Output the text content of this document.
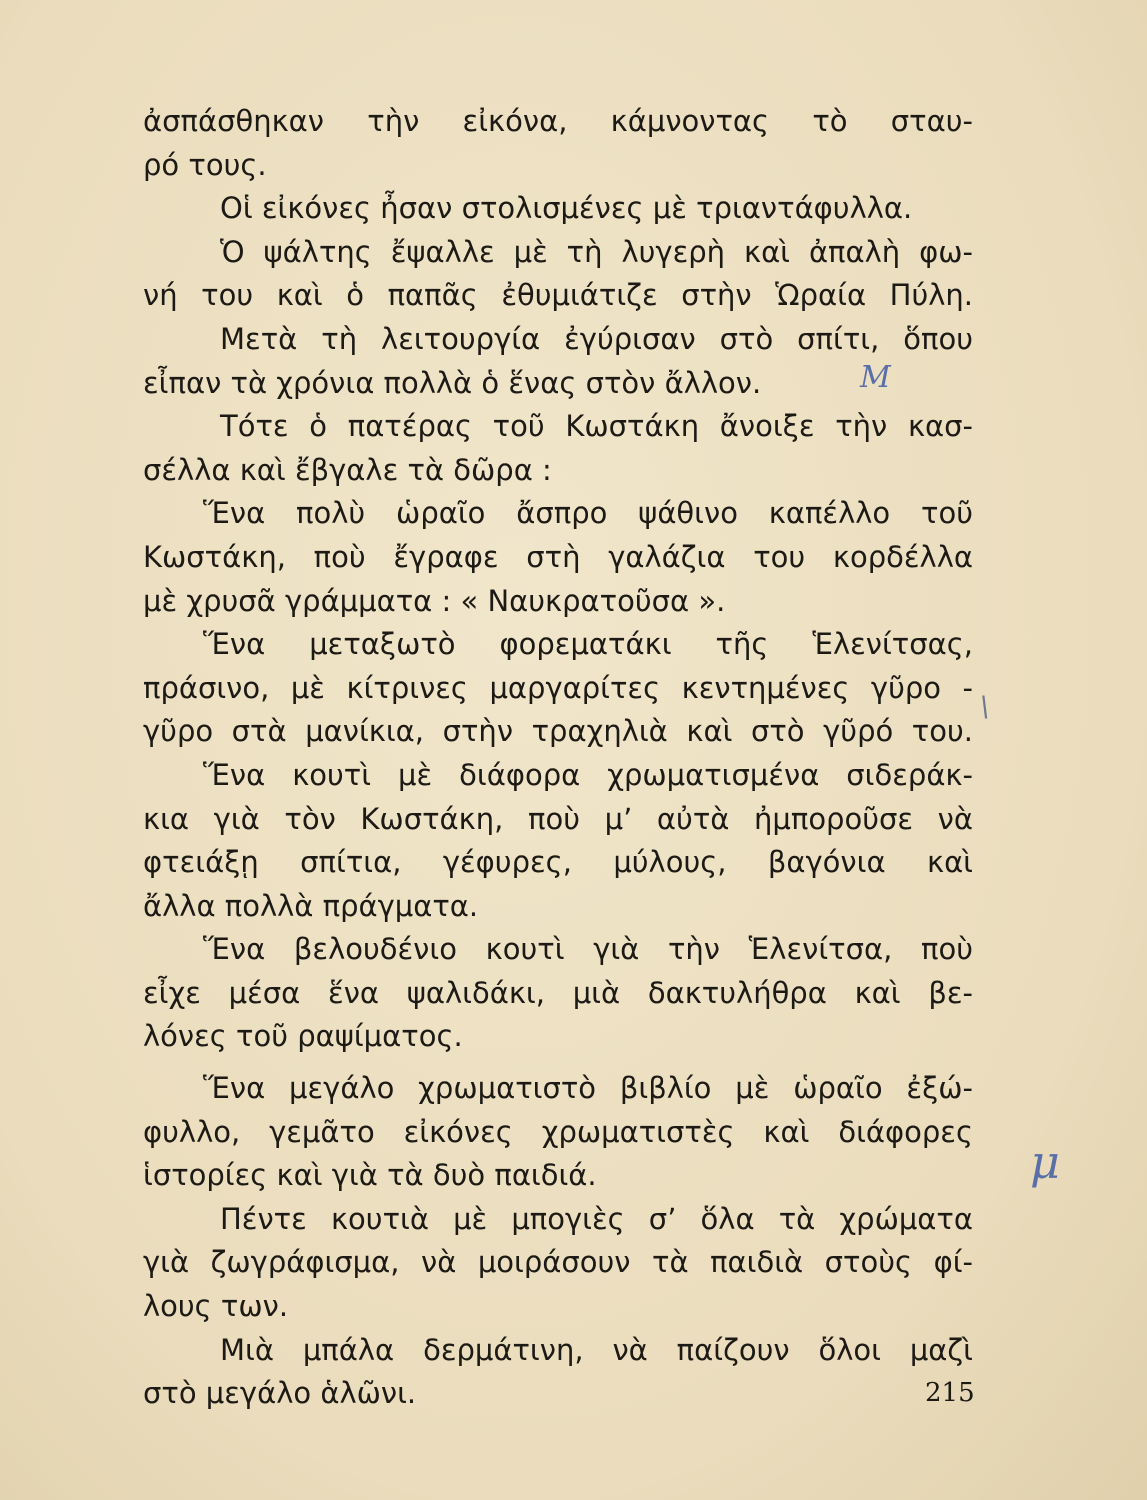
ἀσπάσθηκαν τὴν εἰκόνα, κάμνοντας τὸ σταυ-
ρό τους.
Οἱ εἰκόνες ἦσαν στολισμένες μὲ τριαντάφυλλα.
Ὁ ψάλτης ἔψαλλε μὲ τὴ λυγερὴ καὶ ἀπαλὴ φω-
νή του καὶ ὁ παπᾶς ἐθυμιάτιζε στὴν Ὡραία Πύλη.
Μετὰ τὴ λειτουργία ἐγύρισαν στὸ σπίτι, ὅπου
εἶπαν τὰ χρόνια πολλὰ ὁ ἕνας στὸν ἄλλον.
Τότε ὁ πατέρας τοῦ Κωστάκη ἄνοιξε τὴν κασ-
σέλλα καὶ ἔβγαλε τὰ δῶρα :
Ἕνα πολὺ ὡραῖο ἄσπρο ψάθινο καπέλλο τοῦ
Κωστάκη, ποὺ ἔγραφε στὴ γαλάζια του κορδέλλα
μὲ χρυσᾶ γράμματα : « Ναυκρατοῦσα ».
Ἕνα μεταξωτὸ φορεματάκι τῆς Ἑλενίτσας,
πράσινο, μὲ κίτρινες μαργαρίτες κεντημένες γῦρο -
γῦρο στὰ μανίκια, στὴν τραχηλιὰ καὶ στὸ γῦρό του.
Ἕνα κουτὶ μὲ διάφορα χρωματισμένα σιδεράκ-
κια γιὰ τὸν Κωστάκη, ποὺ μ’ αὐτὰ ἠμποροῦσε νὰ
φτειάξῃ σπίτια, γέφυρες, μύλους, βαγόνια καὶ
ἄλλα πολλὰ πράγματα.
Ἕνα βελουδένιο κουτὶ γιὰ τὴν Ἑλενίτσα, ποὺ
εἶχε μέσα ἕνα ψαλιδάκι, μιὰ δακτυλήθρα καὶ βε-
λόνες τοῦ ραψίματος.
Ἕνα μεγάλο χρωματιστὸ βιβλίο μὲ ὡραῖο ἐξώ-
φυλλο, γεμᾶτο εἰκόνες χρωματιστὲς καὶ διάφορες
ἱστορίες καὶ γιὰ τὰ δυὸ παιδιά.
Πέντε κουτιὰ μὲ μπογιὲς σ’ ὅλα τὰ χρώματα
γιὰ ζωγράφισμα, νὰ μοιράσουν τὰ παιδιὰ στοὺς φί-
λους των.
Μιὰ μπάλα δερμάτινη, νὰ παίζουν ὅλοι μαζὶ
στὸ μεγάλο ἁλῶνι.
M
\
μ
215
